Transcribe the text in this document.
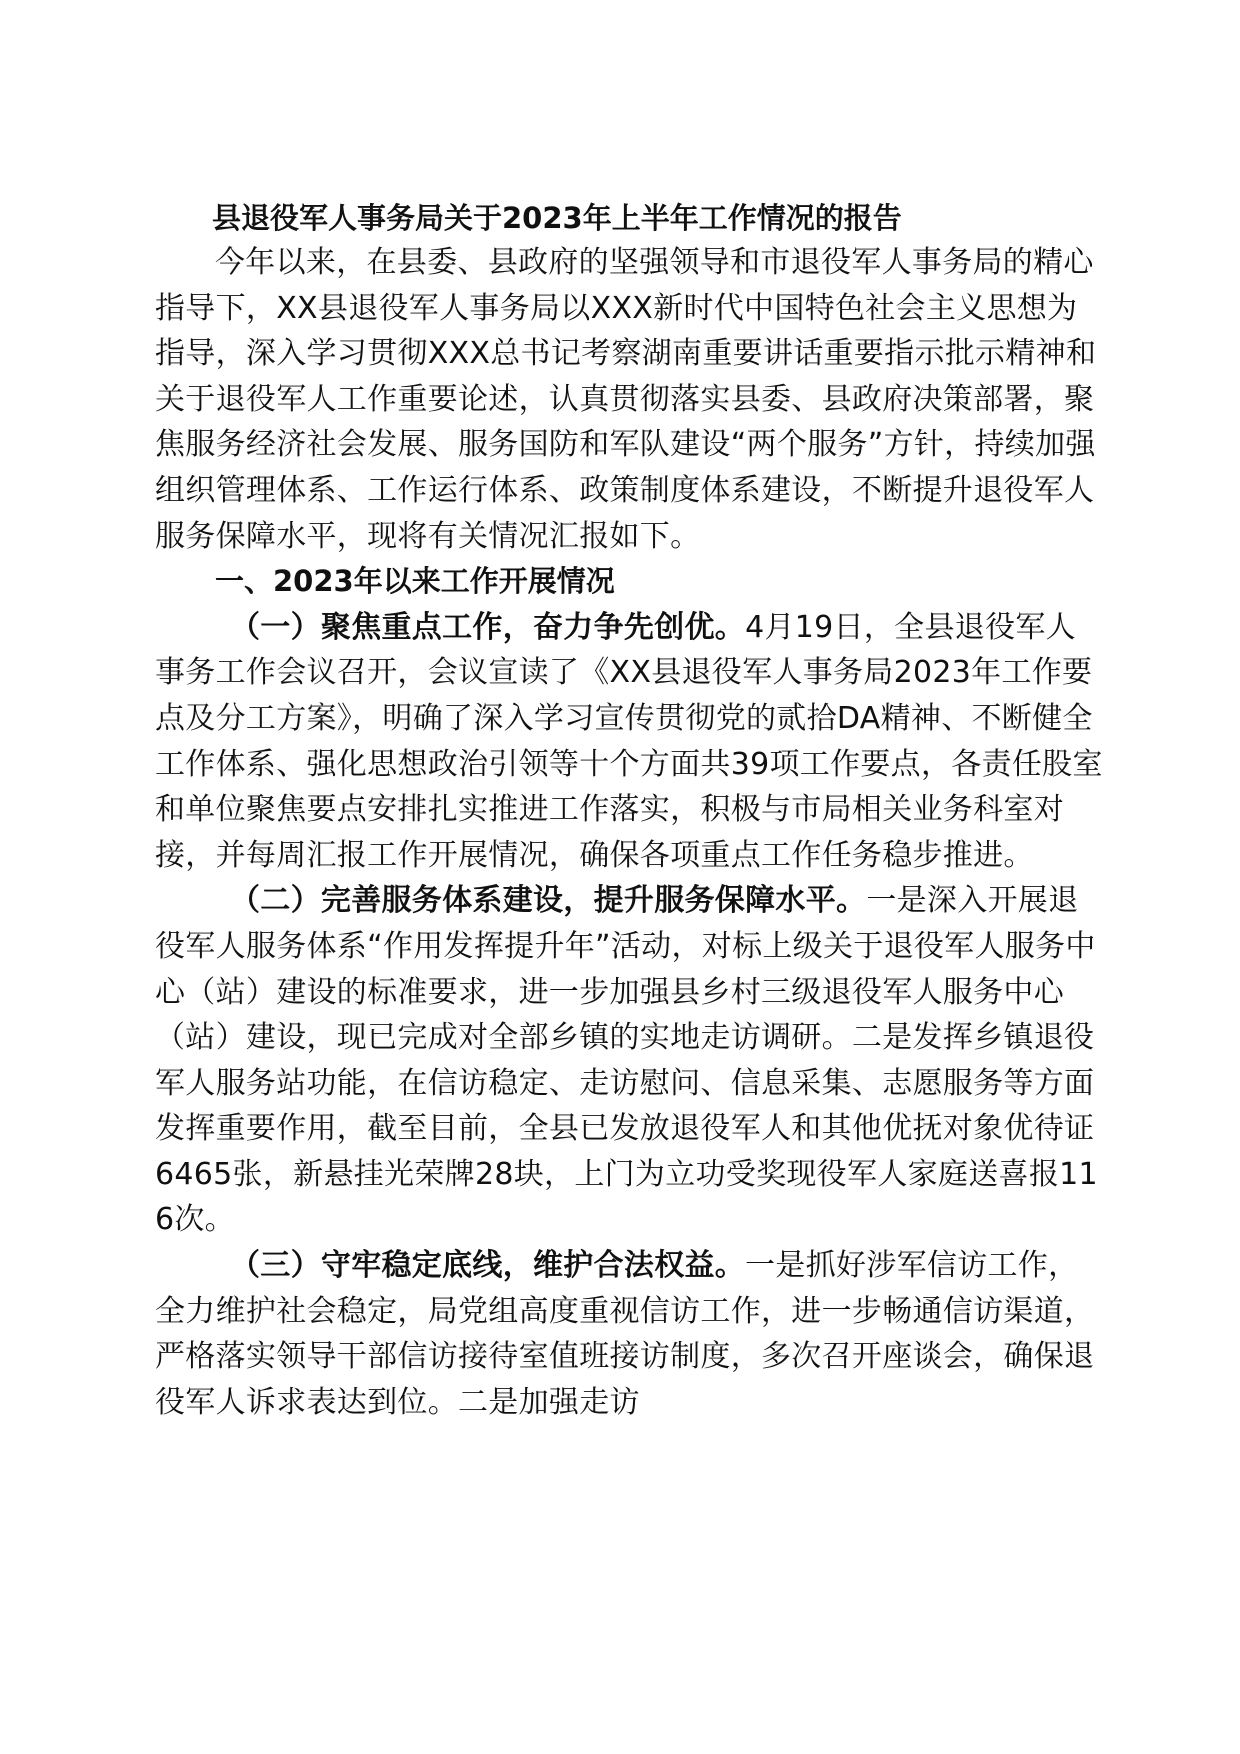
县退役军人事务局关于2023年上半年工作情况的报告

今年以来，在县委、县政府的坚强领导和市退役军人事务局的精心指导下，XX县退役军人事务局以XXX新时代中国特色社会主义思想为指导，深入学习贯彻XXX总书记考察湖南重要讲话重要指示批示精神和关于退役军人工作重要论述，认真贯彻落实县委、县政府决策部署，聚焦服务经济社会发展、服务国防和军队建设“两个服务”方针，持续加强组织管理体系、工作运行体系、政策制度体系建设，不断提升退役军人服务保障水平，现将有关情况汇报如下。

一、2023年以来工作开展情况

（一）聚焦重点工作，奋力争先创优。4月19日，全县退役军人事务工作会议召开，会议宣读了《XX县退役军人事务局2023年工作要点及分工方案》，明确了深入学习宣传贯彻党的贰拾DA精神、不断健全工作体系、强化思想政治引领等十个方面共39项工作要点，各责任股室和单位聚焦要点安排扎实推进工作落实，积极与市局相关业务科室对接，并每周汇报工作开展情况，确保各项重点工作任务稳步推进。

（二）完善服务体系建设，提升服务保障水平。一是深入开展退役军人服务体系“作用发挥提升年”活动，对标上级关于退役军人服务中心（站）建设的标准要求，进一步加强县乡村三级退役军人服务中心（站）建设，现已完成对全部乡镇的实地走访调研。二是发挥乡镇退役军人服务站功能，在信访稳定、走访慰问、信息采集、志愿服务等方面发挥重要作用，截至目前，全县已发放退役军人和其他优抚对象优待证6465张，新悬挂光荣牌28块，上门为立功受奖现役军人家庭送喜报116次。

（三）守牢稳定底线，维护合法权益。一是抓好涉军信访工作，全力维护社会稳定，局党组高度重视信访工作，进一步畅通信访渠道，严格落实领导干部信访接待室值班接访制度，多次召开座谈会，确保退役军人诉求表达到位。二是加强走访
